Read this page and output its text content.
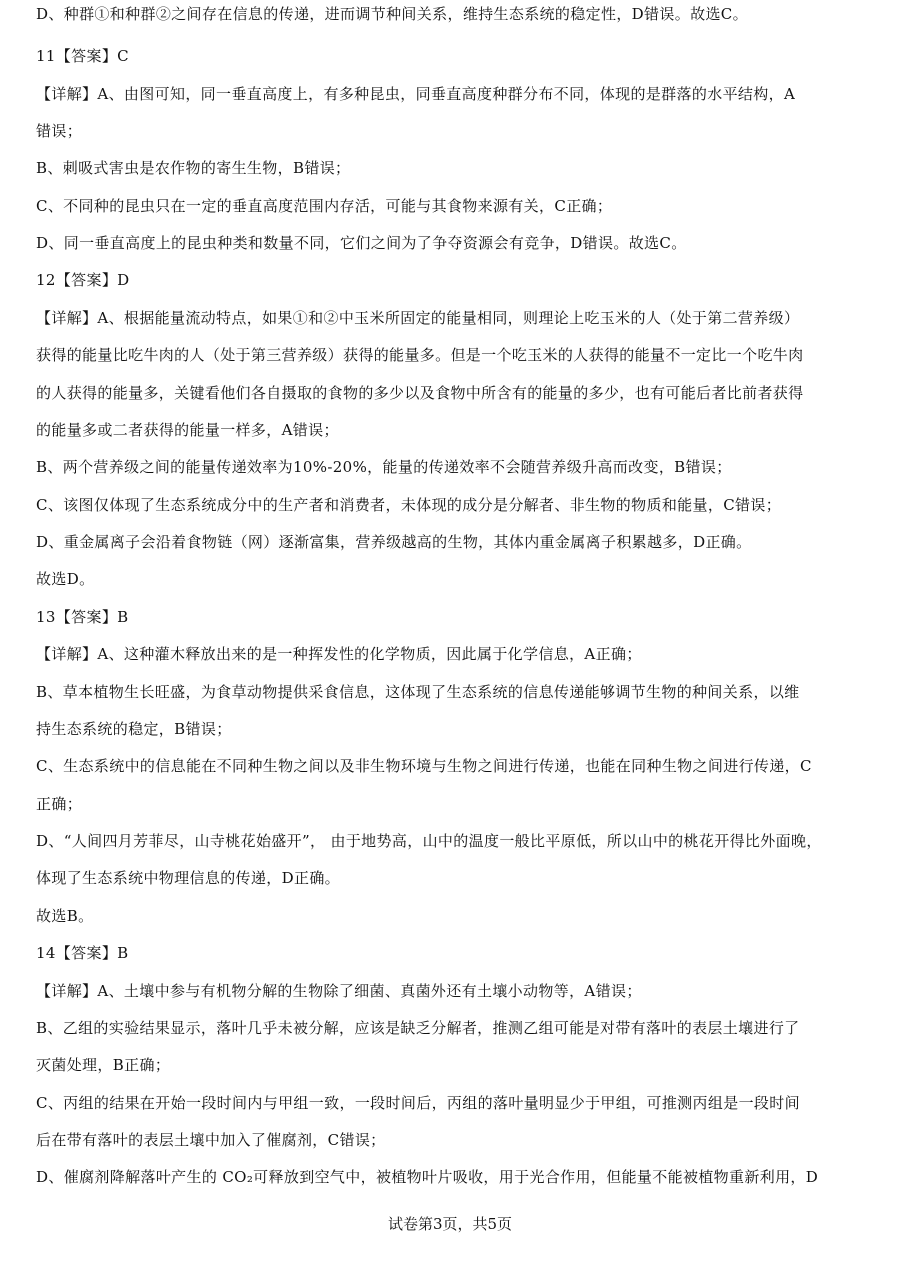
D、种群①和种群②之间存在信息的传递，进而调节种间关系，维持生态系统的稳定性，D错误。故选C。
11【答案】C
【详解】A、由图可知，同一垂直高度上，有多种昆虫，同垂直高度种群分布不同，体现的是群落的水平结构，A
错误；
B、刺吸式害虫是农作物的寄生生物，B错误；
C、不同种的昆虫只在一定的垂直高度范围内存活，可能与其食物来源有关，C正确；
D、同一垂直高度上的昆虫种类和数量不同，它们之间为了争夺资源会有竞争，D错误。故选C。
12【答案】D
【详解】A、根据能量流动特点，如果①和②中玉米所固定的能量相同，则理论上吃玉米的人（处于第二营养级）
获得的能量比吃牛肉的人（处于第三营养级）获得的能量多。但是一个吃玉米的人获得的能量不一定比一个吃牛肉
的人获得的能量多，关键看他们各自摄取的食物的多少以及食物中所含有的能量的多少，也有可能后者比前者获得
的能量多或二者获得的能量一样多，A错误；
B、两个营养级之间的能量传递效率为10%-20%，能量的传递效率不会随营养级升高而改变，B错误；
C、该图仅体现了生态系统成分中的生产者和消费者，未体现的成分是分解者、非生物的物质和能量，C错误；
D、重金属离子会沿着食物链（网）逐渐富集，营养级越高的生物，其体内重金属离子积累越多，D正确。
故选D。
13【答案】B
【详解】A、这种灌木释放出来的是一种挥发性的化学物质，因此属于化学信息，A正确；
B、草本植物生长旺盛，为食草动物提供采食信息，这体现了生态系统的信息传递能够调节生物的种间关系，以维
持生态系统的稳定，B错误；
C、生态系统中的信息能在不同种生物之间以及非生物环境与生物之间进行传递，也能在同种生物之间进行传递，C
正确；
D、“人间四月芳菲尽，山寺桃花始盛开”， 由于地势高，山中的温度一般比平原低，所以山中的桃花开得比外面晚，
体现了生态系统中物理信息的传递，D正确。
故选B。
14【答案】B
【详解】A、土壤中参与有机物分解的生物除了细菌、真菌外还有土壤小动物等，A错误；
B、乙组的实验结果显示，落叶几乎未被分解，应该是缺乏分解者，推测乙组可能是对带有落叶的表层土壤进行了
灭菌处理，B正确；
C、丙组的结果在开始一段时间内与甲组一致，一段时间后，丙组的落叶量明显少于甲组，可推测丙组是一段时间
后在带有落叶的表层土壤中加入了催腐剂，C错误；
D、催腐剂降解落叶产生的 CO₂可释放到空气中，被植物叶片吸收，用于光合作用，但能量不能被植物重新利用，D
试卷第3页，共5页
